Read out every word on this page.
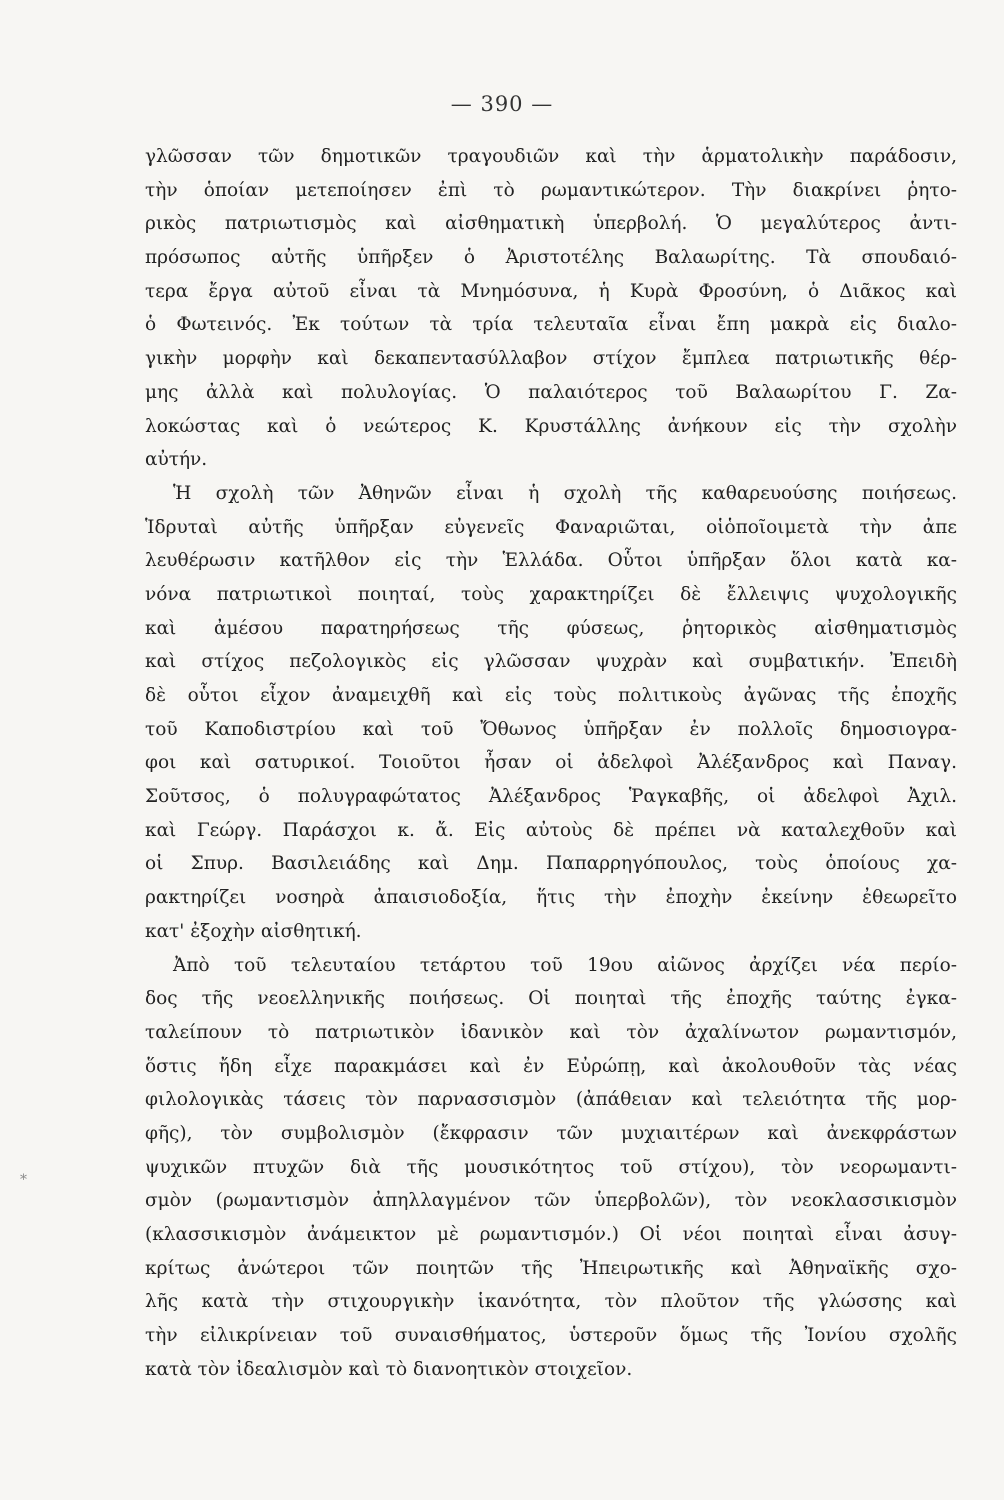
— 390 —
γλῶσσαν τῶν δημοτικῶν τραγουδιῶν καὶ τὴν ἁρματολικὴν παράδοσιν,
τὴν ὁποίαν μετεποίησεν ἐπὶ τὸ ρωμαντικώτερον. Τὴν διακρίνει ῥητο-
ρικὸς πατριωτισμὸς καὶ αἰσθηματικὴ ὑπερβολή. Ὁ μεγαλύτερος ἀντι-
πρόσωπος αὐτῆς ὑπῆρξεν ὁ Ἀριστοτέλης Βαλαωρίτης. Τὰ σπουδαιό-
τερα ἔργα αὐτοῦ εἶναι τὰ Μνημόσυνα, ἡ Κυρὰ Φροσύνη, ὁ Διᾶκος καὶ
ὁ Φωτεινός. Ἐκ τούτων τὰ τρία τελευταῖα εἶναι ἔπη μακρὰ εἰς διαλο-
γικὴν μορφὴν καὶ δεκαπεντασύλλαβον στίχον ἔμπλεα πατριωτικῆς θέρ-
μης ἀλλὰ καὶ πολυλογίας. Ὁ παλαιότερος τοῦ Βαλαωρίτου Γ. Ζα-
λοκώστας καὶ ὁ νεώτερος Κ. Κρυστάλλης ἀνήκουν εἰς τὴν σχολὴν
αὐτήν.
Ἡ σχολὴ τῶν Ἀθηνῶν εἶναι ἡ σχολὴ τῆς καθαρευούσης ποιήσεως.
Ἱδρυταὶ αὐτῆς ὑπῆρξαν εὐγενεῖς Φαναριῶται, οἱὁποῖοιμετὰ τὴν ἀπε
λευθέρωσιν κατῆλθον εἰς τὴν Ἑλλάδα. Οὗτοι ὑπῆρξαν ὅλοι κατὰ κα-
νόνα πατριωτικοὶ ποιηταί, τοὺς χαρακτηρίζει δὲ ἔλλειψις ψυχολογικῆς
καὶ ἀμέσου παρατηρήσεως τῆς φύσεως, ῥητορικὸς αἰσθηματισμὸς
καὶ στίχος πεζολογικὸς εἰς γλῶσσαν ψυχρὰν καὶ συμβατικήν. Ἐπειδὴ
δὲ οὗτοι εἶχον ἀναμειχθῆ καὶ εἰς τοὺς πολιτικοὺς ἀγῶνας τῆς ἐποχῆς
τοῦ Καποδιστρίου καὶ τοῦ Ὄθωνος ὑπῆρξαν ἐν πολλοῖς δημοσιογρα-
φοι καὶ σατυρικοί. Τοιοῦτοι ἦσαν οἱ ἀδελφοὶ Ἀλέξανδρος καὶ Παναγ.
Σοῦτσος, ὁ πολυγραφώτατος Ἀλέξανδρος Ῥαγκαβῆς, οἱ ἀδελφοὶ Ἀχιλ.
καὶ Γεώργ. Παράσχοι κ. ἄ. Εἰς αὐτοὺς δὲ πρέπει νὰ καταλεχθοῦν καὶ
οἱ Σπυρ. Βασιλειάδης καὶ Δημ. Παπαρρηγόπουλος, τοὺς ὁποίους χα-
ρακτηρίζει νοσηρὰ ἀπαισιοδοξία, ἥτις τὴν ἐποχὴν ἐκείνην ἐθεωρεῖτο
κατ' ἐξοχὴν αἰσθητική.
Ἀπὸ τοῦ τελευταίου τετάρτου τοῦ 19ου αἰῶνος ἀρχίζει νέα περίο-
δος τῆς νεοελληνικῆς ποιήσεως. Οἱ ποιηταὶ τῆς ἐποχῆς ταύτης ἐγκα-
ταλείπουν τὸ πατριωτικὸν ἰδανικὸν καὶ τὸν ἀχαλίνωτον ρωμαντισμόν,
ὅστις ἤδη εἶχε παρακμάσει καὶ ἐν Εὐρώπῃ, καὶ ἀκολουθοῦν τὰς νέας
φιλολογικὰς τάσεις τὸν παρνασσισμὸν (ἀπάθειαν καὶ τελειότητα τῆς μορ-
φῆς), τὸν συμβολισμὸν (ἔκφρασιν τῶν μυχιαιτέρων καὶ ἀνεκφράστων
ψυχικῶν πτυχῶν διὰ τῆς μουσικότητος τοῦ στίχου), τὸν νεορωμαντι-
σμὸν (ρωμαντισμὸν ἀπηλλαγμένον τῶν ὑπερβολῶν), τὸν νεοκλασσικισμὸν
(κλασσικισμὸν ἀνάμεικτον μὲ ρωμαντισμόν.) Οἱ νέοι ποιηταὶ εἶναι ἀσυγ-
κρίτως ἀνώτεροι τῶν ποιητῶν τῆς Ἠπειρωτικῆς καὶ Ἀθηναϊκῆς σχο-
λῆς κατὰ τὴν στιχουργικὴν ἱκανότητα, τὸν πλοῦτον τῆς γλώσσης καὶ
τὴν εἰλικρίνειαν τοῦ συναισθήματος, ὑστεροῦν ὅμως τῆς Ἰονίου σχολῆς
κατὰ τὸν ἰδεαλισμὸν καὶ τὸ διανοητικὸν στοιχεῖον.
*
